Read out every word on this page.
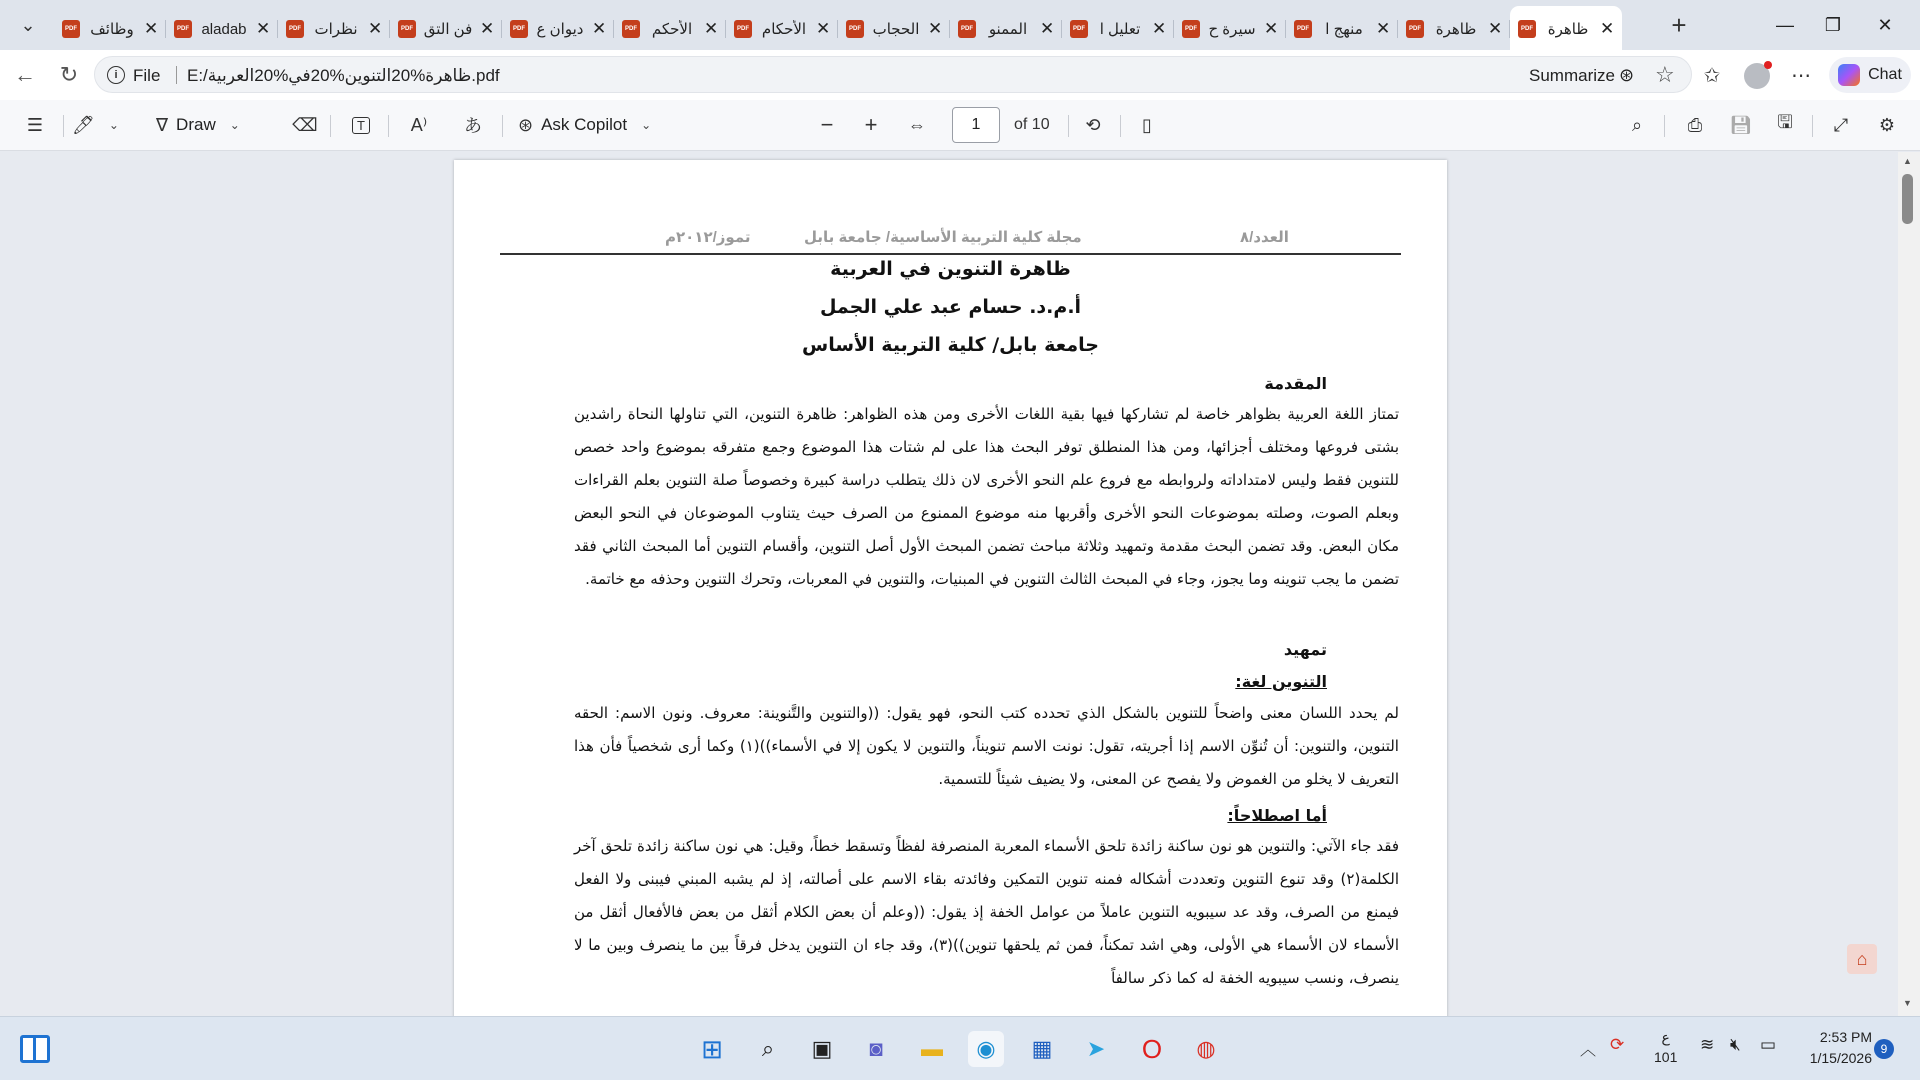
⌄	PDF وظائف ✕	PDF aladab ✕	PDF نظرات ✕	PDF فن التق ✕	PDF ديوان ع ✕	PDF الأحكم ✕	PDF الأحكام ✕	PDF الحجاب ✕	PDF	الممنو ✕	PDF تعليل ا ✕	PDF سيرة ح ✕	PDF	منهج ا ✕	PDF ظاهرة ✕	PDF ظاهرة ✕	+	— ❐ ✕
← ↻	i File E:/ظاهرة%20التنوين%20في%20العربية.pdf	Summarize ⊛ ☆ ✩	⋯	Chat
☰ 🖊︎ ⌄ ∇ Draw ⌄	⌫	T	A⁾ あ ⊛ Ask Copilot ⌄	− + ⇔
1	of 10 ⟲ ▯	⌕	⎙ 💾︎ 🖫 ⤢ ⚙
العدد/٨
مجلة كلية التربية الأساسية/ جامعة بابل
تموز/٢٠١٢م
ظاهرة التنوين في العربية
أ.م.د. حسام عبد علي الجمل
جامعة بابل/ كلية التربية الأساس
المقدمة
تمتاز اللغة العربية بظواهر خاصة لم تشاركها فيها بقية اللغات الأخرى ومن هذه الظواهر: ظاهرة التنوين، التي تناولها النحاة راشدين بشتى فروعها ومختلف أجزائها، ومن هذا المنطلق توفر البحث هذا على لم شتات هذا الموضوع وجمع متفرقه بموضوع واحد خصص للتنوين فقط وليس لامتداداته ولروابطه مع فروع علم النحو الأخرى لان ذلك يتطلب دراسة كبيرة وخصوصاً صلة التنوين بعلم القراءات وبعلم الصوت، وصلته بموضوعات النحو الأخرى وأقربها منه موضوع الممنوع من الصرف حيث يتناوب الموضوعان في النحو البعض مكان البعض. وقد تضمن البحث مقدمة وتمهيد وثلاثة مباحث تضمن المبحث الأول أصل التنوين، وأقسام التنوين أما المبحث الثاني فقد تضمن ما يجب تنوينه وما يجوز، وجاء في المبحث الثالث التنوين في المبنيات، والتنوين في المعربات، وتحرك التنوين وحذفه مع خاتمة.
تمهيد
التنوين لغة:
لم يحدد اللسان معنى واضحاً للتنوين بالشكل الذي تحدده كتب النحو، فهو يقول: ((والتنوين والتَّنوينة: معروف. ونون الاسم: الحقه التنوين، والتنوين: أن تُنوِّن الاسم إذا أجريته، تقول: نونت الاسم تنويناً، والتنوين لا يكون إلا في الأسماء))(١) وكما أرى شخصياً فأن هذا التعريف لا يخلو من الغموض ولا يفصح عن المعنى، ولا يضيف شيئاً للتسمية.
أما اصطلاحاً:
فقد جاء الآتي: والتنوين هو نون ساكنة زائدة تلحق الأسماء المعربة المنصرفة لفظاً وتسقط خطاً، وقيل: هي نون ساكنة زائدة تلحق آخر الكلمة(٢) وقد تنوع التنوين وتعددت أشكاله فمنه تنوين التمكين وفائدته بقاء الاسم على أصالته، إذ لم يشبه المبني فيبنى ولا الفعل فيمنع من الصرف، وقد عد سيبويه التنوين عاملاً من عوامل الخفة إذ يقول: ((وعلم أن بعض الكلام أثقل من بعض فالأفعال أثقل من الأسماء لان الأسماء هي الأولى، وهي اشد تمكناً، فمن ثم يلحقها تنوين))(٣)، وقد جاء ان التنوين يدخل فرقاً بين ما ينصرف وبين ما لا ينصرف، ونسب سيبويه الخفة له كما ذكر سالفاً
▲
▼
⌂
⊞	⌕	▣	◙	▬	◉	▦	➤	O	◍	︿ ⟳	ع
101
≋ 🔇︎ ▭	2:53 PM
1/15/2026
9
